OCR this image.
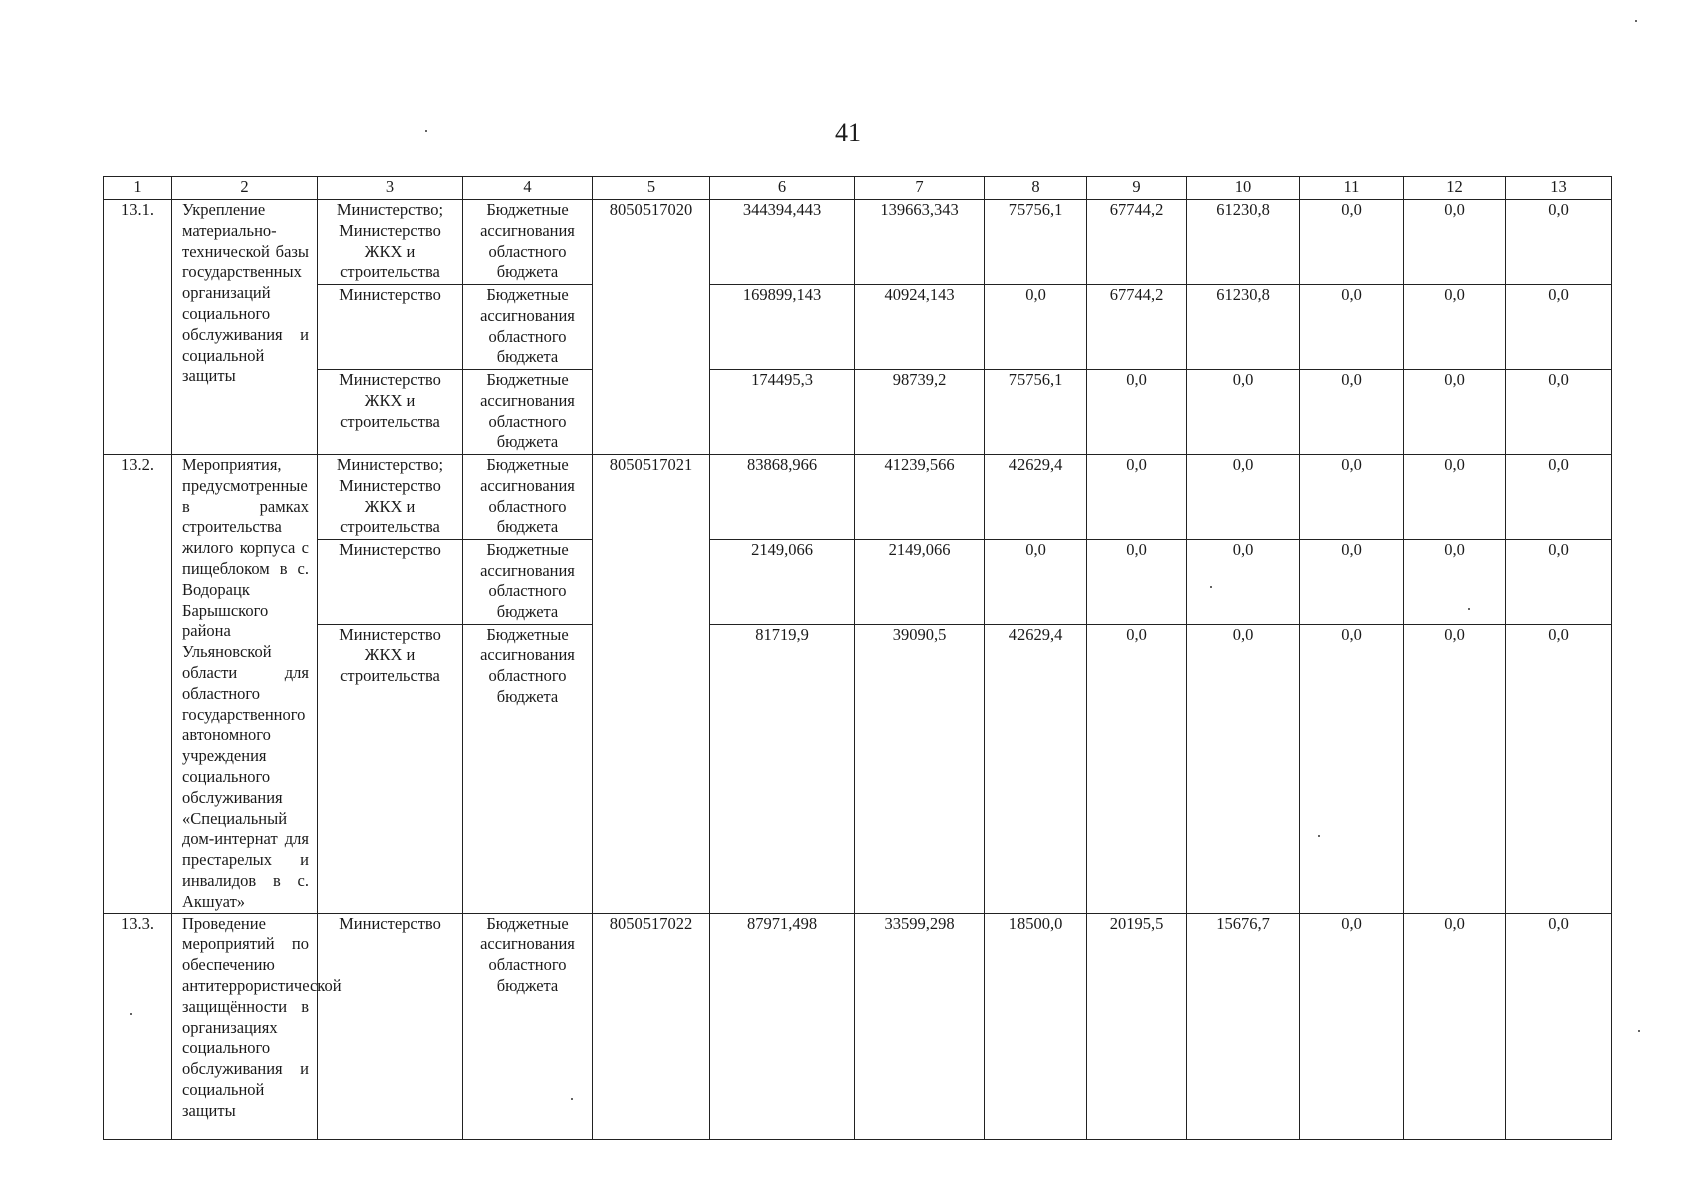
41
1	2	3	4	5	6	7	8	9	10	11	12	13
13.1.	Укрепление материально-технической базы государственных организаций социального обслуживания и социальной защиты	Министерство; Министерство ЖКХ и строительства	Бюджетные ассигнования областного бюджета	8050517020	344394,443	139663,343	75756,1	67744,2	61230,8	0,0	0,0	0,0
		Министерство	Бюджетные ассигнования областного бюджета		169899,143	40924,143	0,0	67744,2	61230,8	0,0	0,0	0,0
		Министерство ЖКХ и строительства	Бюджетные ассигнования областного бюджета		174495,3	98739,2	75756,1	0,0	0,0	0,0	0,0	0,0
13.2.	Мероприятия, предусмотренные в рамках строительства жилого корпуса с пищеблоком в с. Водорацк Барышского района Ульяновской области для областного государственного автономного учреждения социального обслуживания «Специальный дом-интернат для престарелых и инвалидов в с. Акшуат»	Министерство; Министерство ЖКХ и строительства	Бюджетные ассигнования областного бюджета	8050517021	83868,966	41239,566	42629,4	0,0	0,0	0,0	0,0	0,0
		Министерство	Бюджетные ассигнования областного бюджета		2149,066	2149,066	0,0	0,0	0,0	0,0	0,0	0,0
		Министерство ЖКХ и строительства	Бюджетные ассигнования областного бюджета		81719,9	39090,5	42629,4	0,0	0,0	0,0	0,0	0,0
13.3.	Проведение мероприятий по обеспечению антитеррористической защищённости в организациях социального обслуживания и социальной защиты	Министерство	Бюджетные ассигнования областного бюджета	8050517022	87971,498	33599,298	18500,0	20195,5	15676,7	0,0	0,0	0,0
